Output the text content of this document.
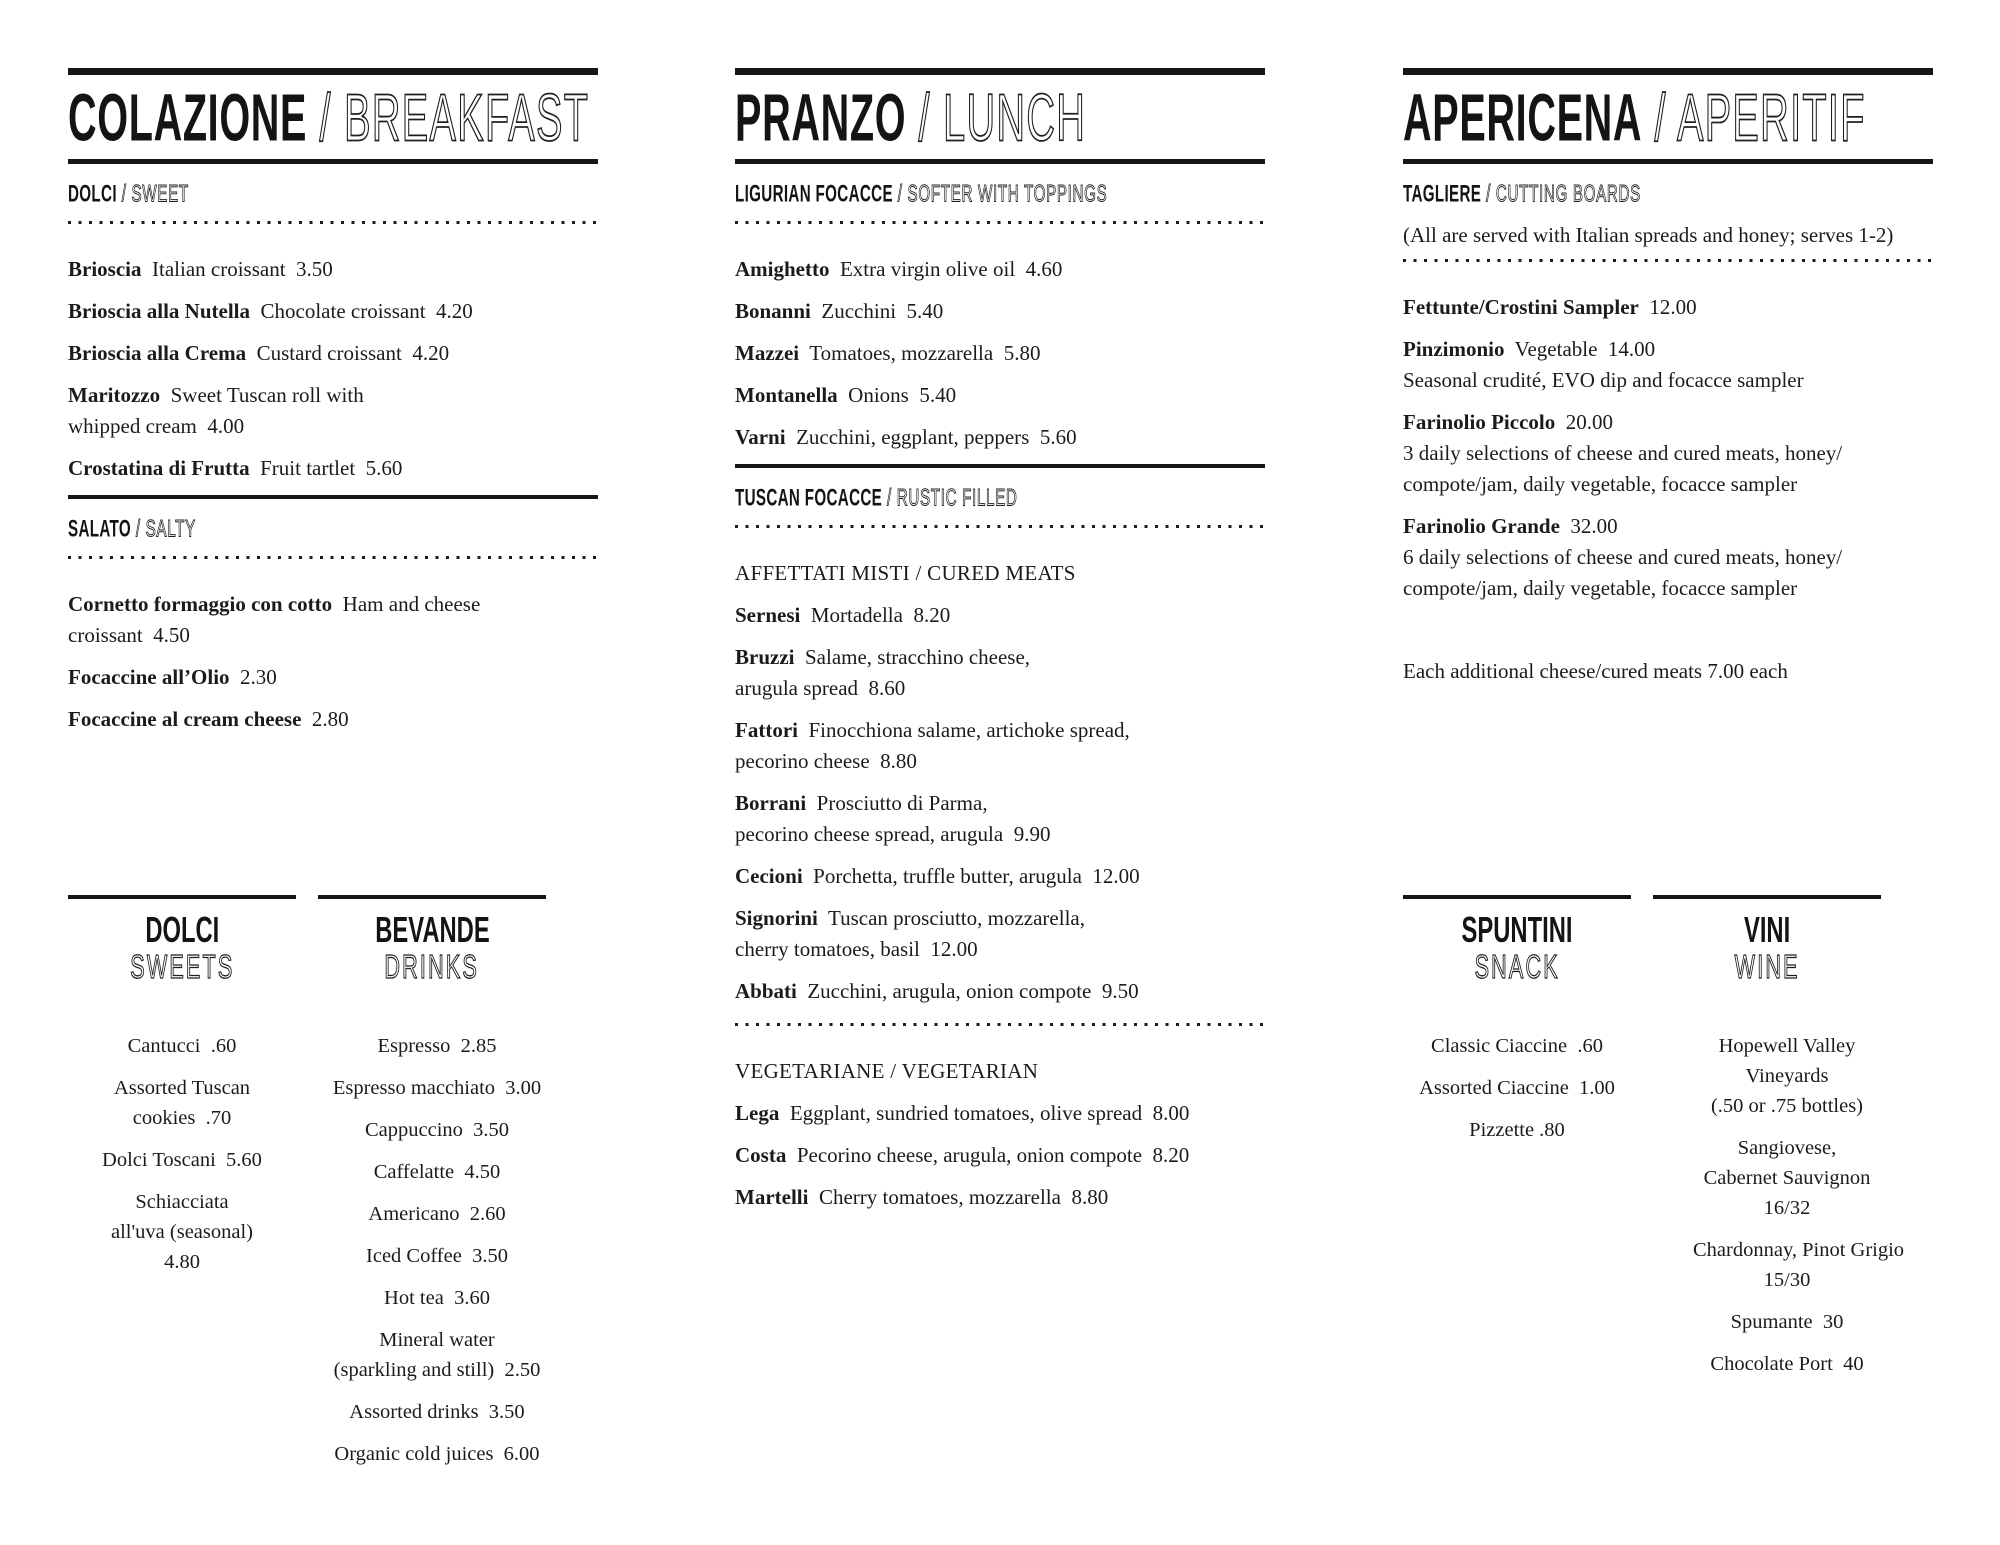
COLAZIONE / BREAKFAST
DOLCI / SWEET
Brioscia  Italian croissant  3.50
Brioscia alla Nutella  Chocolate croissant  4.20
Brioscia alla Crema  Custard croissant  4.20
Maritozzo  Sweet Tuscan roll with
whipped cream  4.00
Crostatina di Frutta  Fruit tartlet  5.60
SALATO / SALTY
Cornetto formaggio con cotto  Ham and cheese
croissant  4.50
Focaccine all’Olio  2.30
Focaccine al cream cheese  2.80
DOLCI
SWEETS
Cantucci  .60
Assorted Tuscan
cookies  .70
Dolci Toscani  5.60
Schiacciata
all'uva (seasonal)
4.80
BEVANDE
DRINKS
Espresso  2.85
Espresso macchiato  3.00
Cappuccino  3.50
Caffelatte  4.50
Americano  2.60
Iced Coffee  3.50
Hot tea  3.60
Mineral water
(sparkling and still)  2.50
Assorted drinks  3.50
Organic cold juices  6.00
PRANZO / LUNCH
LIGURIAN FOCACCE / SOFTER WITH TOPPINGS
Amighetto  Extra virgin olive oil  4.60
Bonanni  Zucchini  5.40
Mazzei  Tomatoes, mozzarella  5.80
Montanella  Onions  5.40
Varni  Zucchini, eggplant, peppers  5.60
TUSCAN FOCACCE / RUSTIC FILLED
AFFETTATI MISTI / CURED MEATS
Sernesi  Mortadella  8.20
Bruzzi  Salame, stracchino cheese,
arugula spread  8.60
Fattori  Finocchiona salame, artichoke spread,
pecorino cheese  8.80
Borrani  Prosciutto di Parma,
pecorino cheese spread, arugula  9.90
Cecioni  Porchetta, truffle butter, arugula  12.00
Signorini  Tuscan prosciutto, mozzarella,
cherry tomatoes, basil  12.00
Abbati  Zucchini, arugula, onion compote  9.50
VEGETARIANE / VEGETARIAN
Lega  Eggplant, sundried tomatoes, olive spread  8.00
Costa  Pecorino cheese, arugula, onion compote  8.20
Martelli  Cherry tomatoes, mozzarella  8.80
APERICENA / APERITIF
TAGLIERE / CUTTING BOARDS
(All are served with Italian spreads and honey; serves 1-2)
Fettunte/Crostini Sampler  12.00
Pinzimonio  Vegetable  14.00
Seasonal crudité, EVO dip and focacce sampler
Farinolio Piccolo  20.00
3 daily selections of cheese and cured meats, honey/
compote/jam, daily vegetable, focacce sampler
Farinolio Grande  32.00
6 daily selections of cheese and cured meats, honey/
compote/jam, daily vegetable, focacce sampler
Each additional cheese/cured meats 7.00 each
SPUNTINI
SNACK
Classic Ciaccine  .60
Assorted Ciaccine  1.00
Pizzette .80
VINI
WINE
Hopewell Valley
Vineyards
(.50 or .75 bottles)
Sangiovese,
Cabernet Sauvignon
16/32
Chardonnay, Pinot Grigio
15/30
Spumante  30
Chocolate Port  40
